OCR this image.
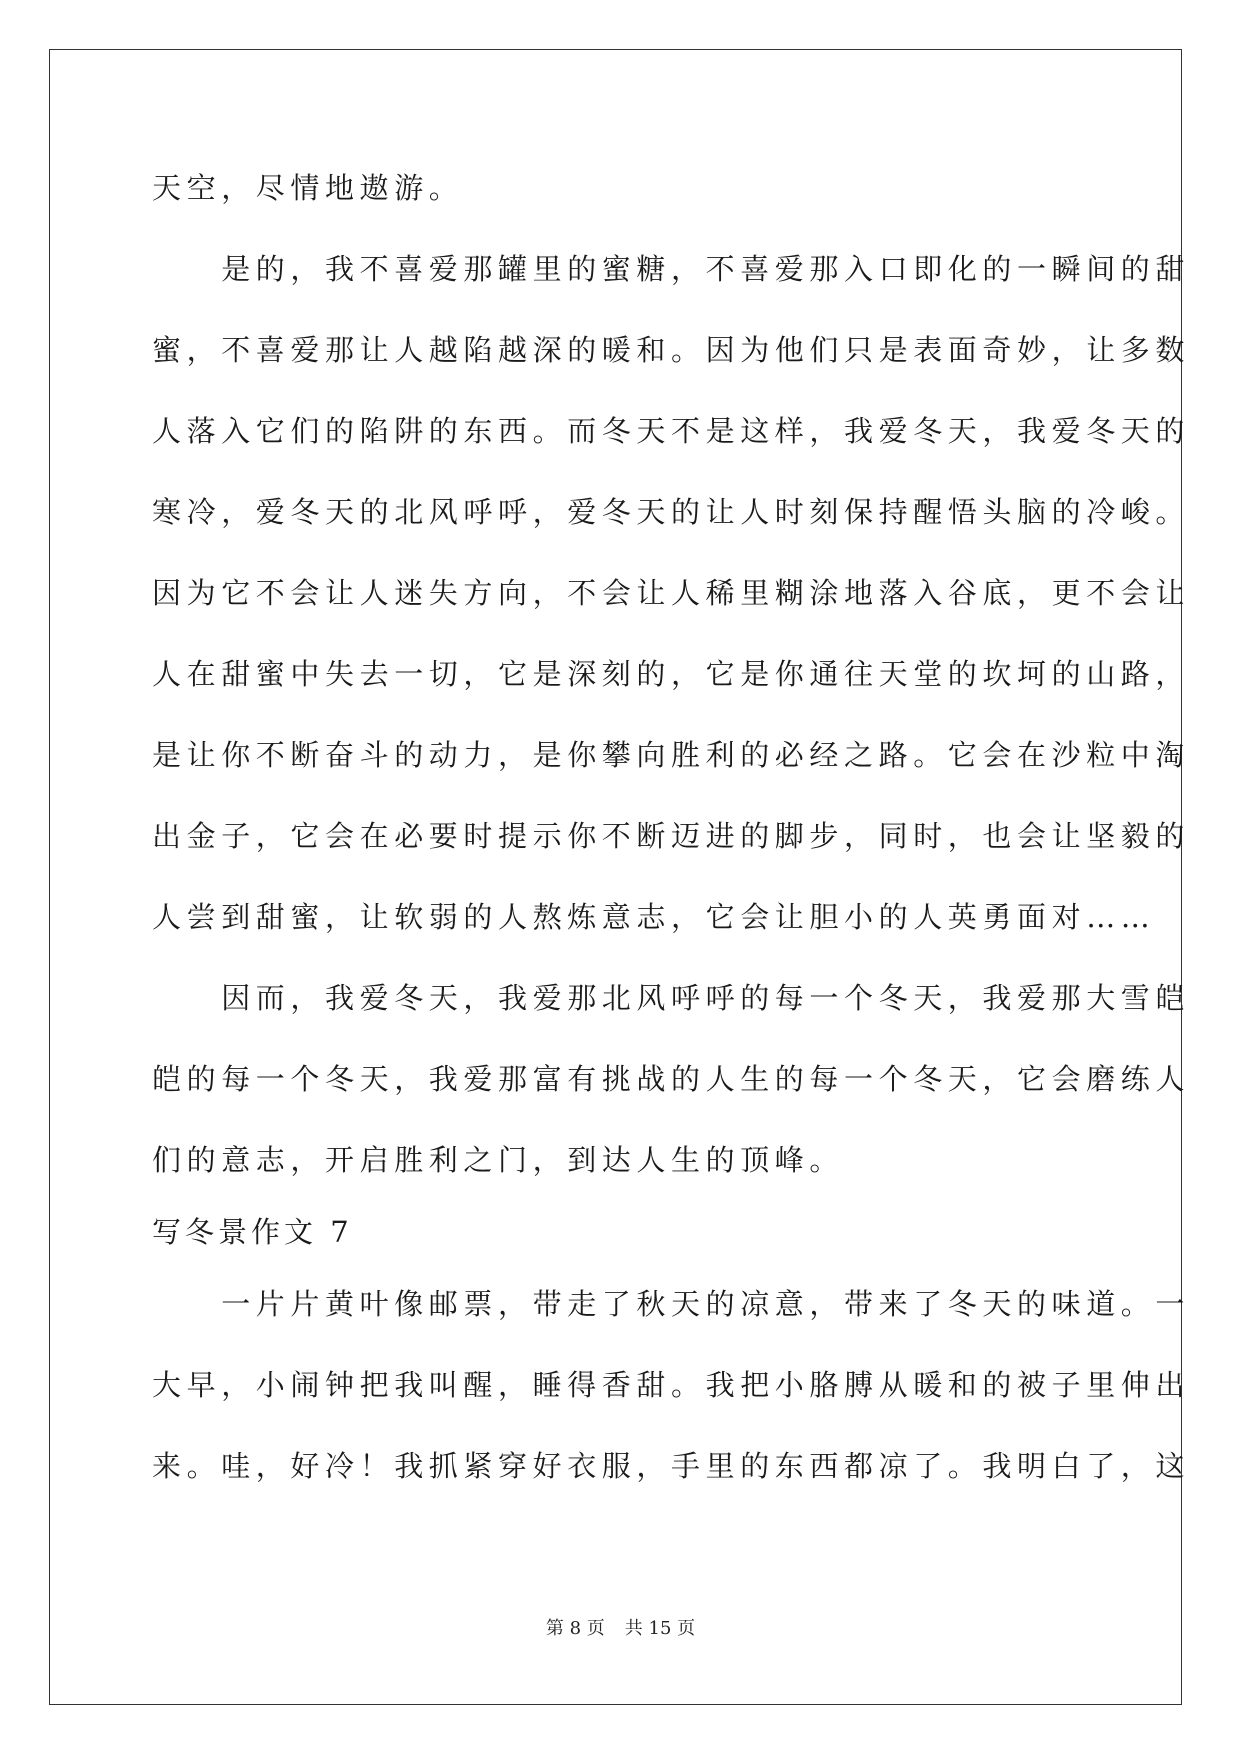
天空，尽情地遨游。
　　是的，我不喜爱那罐里的蜜糖，不喜爱那入口即化的一瞬间的甜
蜜，不喜爱那让人越陷越深的暖和。因为他们只是表面奇妙，让多数
人落入它们的陷阱的东西。而冬天不是这样，我爱冬天，我爱冬天的
寒冷，爱冬天的北风呼呼，爱冬天的让人时刻保持醒悟头脑的冷峻。
因为它不会让人迷失方向，不会让人稀里糊涂地落入谷底，更不会让
人在甜蜜中失去一切，它是深刻的，它是你通往天堂的坎坷的山路，
是让你不断奋斗的动力，是你攀向胜利的必经之路。它会在沙粒中淘
出金子，它会在必要时提示你不断迈进的脚步，同时，也会让坚毅的
人尝到甜蜜，让软弱的人熬炼意志，它会让胆小的人英勇面对……
　　因而，我爱冬天，我爱那北风呼呼的每一个冬天，我爱那大雪皑
皑的每一个冬天，我爱那富有挑战的人生的每一个冬天，它会磨练人
们的意志，开启胜利之门，到达人生的顶峰。
写冬景作文 7
　　一片片黄叶像邮票，带走了秋天的凉意，带来了冬天的味道。一
大早，小闹钟把我叫醒，睡得香甜。我把小胳膊从暖和的被子里伸出
来。哇，好冷！我抓紧穿好衣服，手里的东西都凉了。我明白了，这
第 8 页 共 15 页
